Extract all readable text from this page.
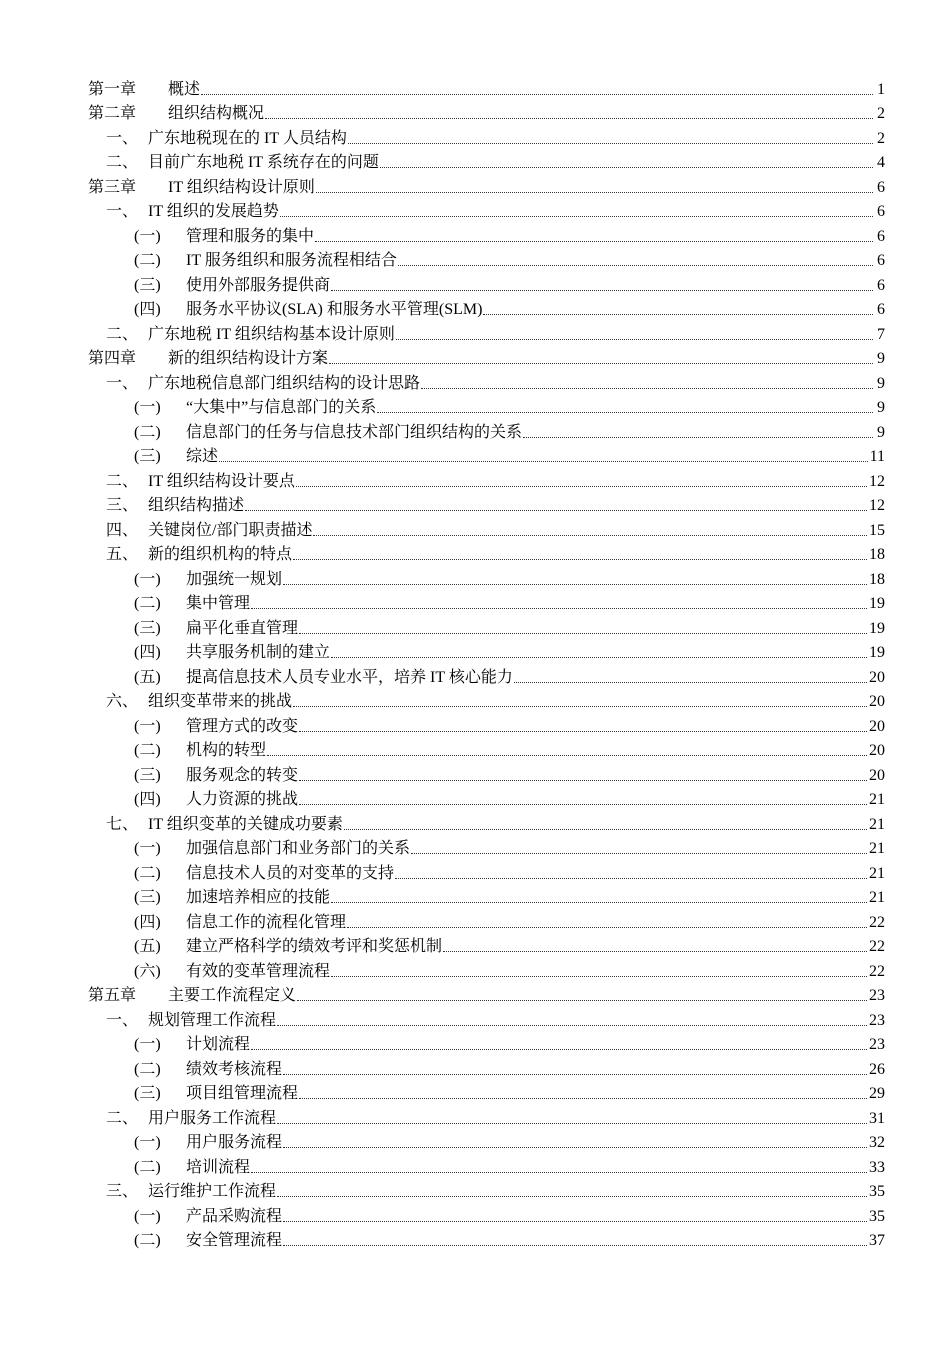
第一章	概述	1
第二章	组织结构概况	2
一、 广东地税现在的 IT 人员结构	2
二、 目前广东地税 IT 系统存在的问题	4
第三章	IT 组织结构设计原则	6
一、 IT 组织的发展趋势	6
(一)	管理和服务的集中	6
(二)	IT 服务组织和服务流程相结合	6
(三)	使用外部服务提供商	6
(四)	服务水平协议(SLA) 和服务水平管理(SLM)	6
二、 广东地税 IT 组织结构基本设计原则	7
第四章	新的组织结构设计方案	9
一、 广东地税信息部门组织结构的设计思路	9
(一)	“大集中”与信息部门的关系	9
(二)	信息部门的任务与信息技术部门组织结构的关系	9
(三)	综述	11
二、 IT 组织结构设计要点	12
三、 组织结构描述	12
四、 关键岗位/部门职责描述	15
五、 新的组织机构的特点	18
(一)	加强统一规划	18
(二)	集中管理	19
(三)	扁平化垂直管理	19
(四)	共享服务机制的建立	19
(五)	提高信息技术人员专业水平，培养 IT 核心能力	20
六、 组织变革带来的挑战	20
(一)	管理方式的改变	20
(二)	机构的转型	20
(三)	服务观念的转变	20
(四)	人力资源的挑战	21
七、 IT 组织变革的关键成功要素	21
(一)	加强信息部门和业务部门的关系	21
(二)	信息技术人员的对变革的支持	21
(三)	加速培养相应的技能	21
(四)	信息工作的流程化管理	22
(五)	建立严格科学的绩效考评和奖惩机制	22
(六)	有效的变革管理流程	22
第五章	主要工作流程定义	23
一、 规划管理工作流程	23
(一)	计划流程	23
(二)	绩效考核流程	26
(三)	项目组管理流程	29
二、 用户服务工作流程	31
(一)	用户服务流程	32
(二)	培训流程	33
三、 运行维护工作流程	35
(一)	产品采购流程	35
(二)	安全管理流程	37
